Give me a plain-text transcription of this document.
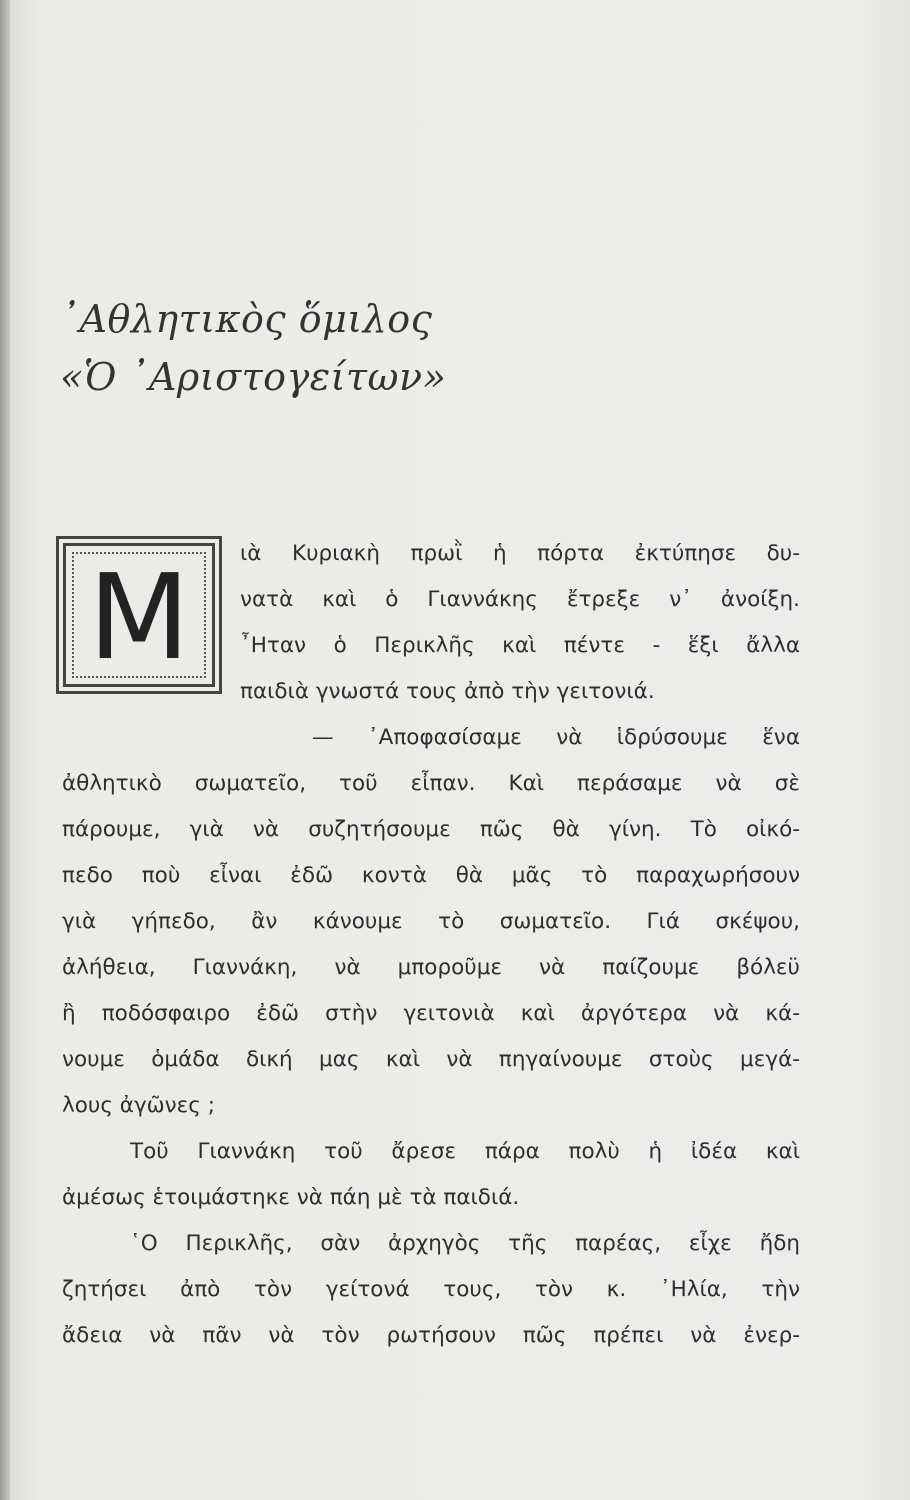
᾿Αθλητικὸς ὅμιλος
«Ὁ ᾿Αριστογείτων»
Μ	ιὰ Κυριακὴ πρωῒ ἡ πόρτα ἐκτύπησε δυ-
νατὰ καὶ ὁ Γιαννάκης ἔτρεξε ν᾿ ἀνοίξη.
῏Ηταν ὁ Περικλῆς καὶ πέντε - ἕξι ἄλλα
παιδιὰ γνωστά τους ἀπὸ τὴν γειτονιά.
— ᾿Αποφασίσαμε νὰ ἱδρύσουμε ἕνα
ἀθλητικὸ σωματεῖο, τοῦ εἶπαν. Καὶ περάσαμε νὰ σὲ
πάρουμε, γιὰ νὰ συζητήσουμε πῶς θὰ γίνη. Τὸ οἰκό-
πεδο ποὺ εἶναι ἐδῶ κοντὰ θὰ μᾶς τὸ παραχωρήσουν
γιὰ γήπεδο, ἂν κάνουμε τὸ σωματεῖο. Γιά σκέψου,
ἀλήθεια, Γιαννάκη, νὰ μποροῦμε νὰ παίζουμε βόλεϋ
ἢ ποδόσφαιρο ἐδῶ στὴν γειτονιὰ καὶ ἀργότερα νὰ κά-
νουμε ὁμάδα δική μας καὶ νὰ πηγαίνουμε στοὺς μεγά-
λους ἀγῶνες ;
Τοῦ Γιαννάκη τοῦ ἄρεσε πάρα πολὺ ἡ ἰδέα καὶ
ἀμέσως ἑτοιμάστηκε νὰ πάη μὲ τὰ παιδιά.
῾Ο Περικλῆς, σὰν ἀρχηγὸς τῆς παρέας, εἶχε ἤδη
ζητήσει ἀπὸ τὸν γείτονά τους, τὸν κ. ᾿Ηλία, τὴν
ἄδεια νὰ πᾶν νὰ τὸν ρωτήσουν πῶς πρέπει νὰ ἐνερ-
